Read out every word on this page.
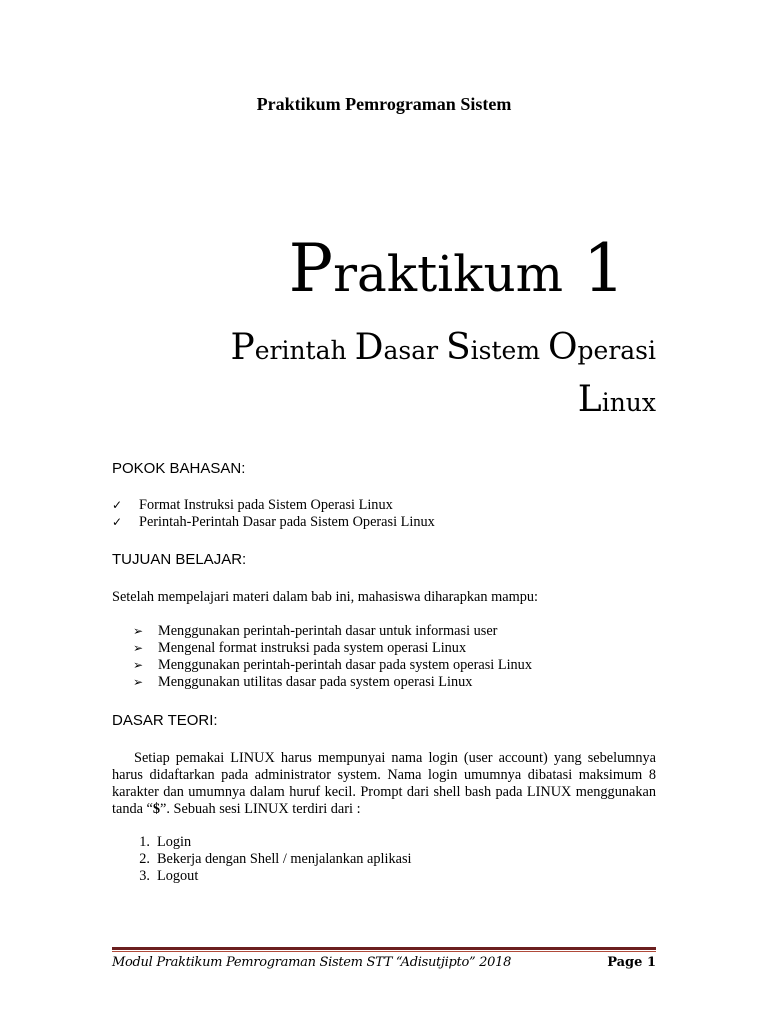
Praktikum Pemrograman Sistem
Praktikum 1
Perintah Dasar Sistem Operasi
Linux
POKOK BAHASAN:
✓ Format Instruksi pada Sistem Operasi Linux
✓ Perintah-Perintah Dasar pada Sistem Operasi Linux
TUJUAN BELAJAR:
Setelah mempelajari materi dalam bab ini, mahasiswa diharapkan mampu:
➢ Menggunakan perintah-perintah dasar untuk informasi user
➢ Mengenal format instruksi pada system operasi Linux
➢ Menggunakan perintah-perintah dasar pada system operasi Linux
➢ Menggunakan utilitas dasar pada system operasi Linux
DASAR TEORI:
Setiap pemakai LINUX harus mempunyai nama login (user account) yang sebelumnya harus didaftarkan pada administrator system. Nama login umumnya dibatasi maksimum 8 karakter dan umumnya dalam huruf kecil. Prompt dari shell bash pada LINUX menggunakan tanda “$”. Sebuah sesi LINUX terdiri dari :
1. Login
2. Bekerja dengan Shell / menjalankan aplikasi
3. Logout
Modul Praktikum Pemrograman Sistem STT “Adisutjipto” 2018	Page 1
